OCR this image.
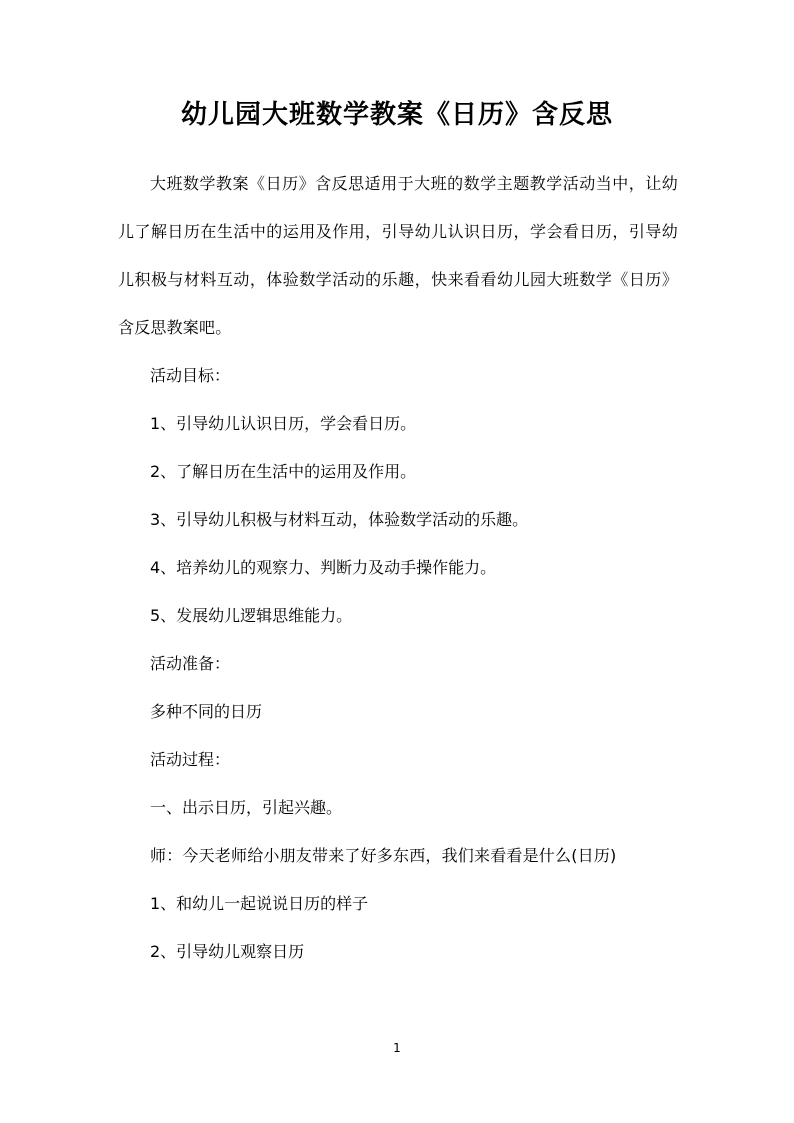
幼儿园大班数学教案《日历》含反思

大班数学教案《日历》含反思适用于大班的数学主题教学活动当中，让幼儿了解日历在生活中的运用及作用，引导幼儿认识日历，学会看日历，引导幼儿积极与材料互动，体验数学活动的乐趣，快来看看幼儿园大班数学《日历》含反思教案吧。

活动目标：

1、引导幼儿认识日历，学会看日历。

2、了解日历在生活中的运用及作用。

3、引导幼儿积极与材料互动，体验数学活动的乐趣。

4、培养幼儿的观察力、判断力及动手操作能力。

5、发展幼儿逻辑思维能力。

活动准备：

多种不同的日历

活动过程：

一、出示日历，引起兴趣。

师：今天老师给小朋友带来了好多东西，我们来看看是什么(日历)

1、和幼儿一起说说日历的样子

2、引导幼儿观察日历

1
